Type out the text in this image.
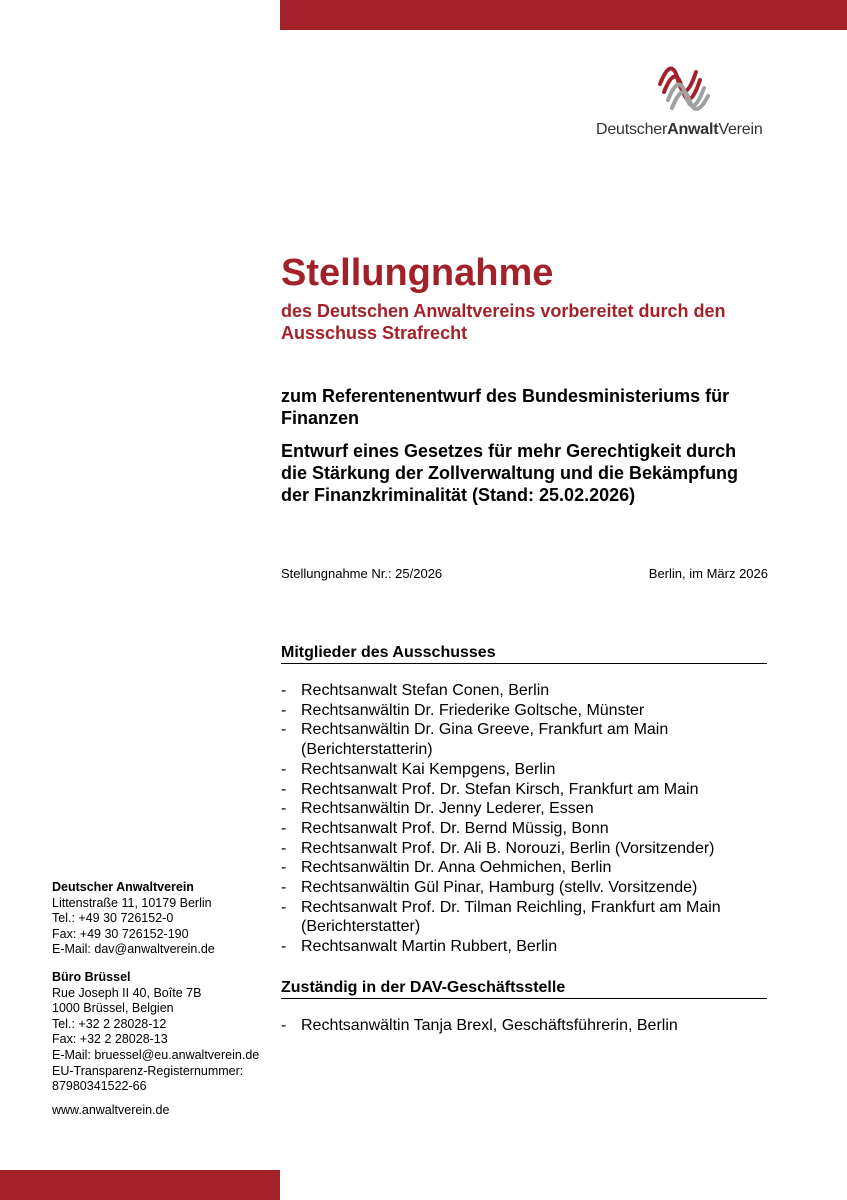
DeutscherAnwaltVerein
Stellungnahme

des Deutschen Anwaltvereins vorbereitet durch den Ausschuss Strafrecht

zum Referentenentwurf des Bundesministeriums für Finanzen

Entwurf eines Gesetzes für mehr Gerechtigkeit durch die Stärkung der Zollverwaltung und die Bekämpfung der Finanzkriminalität (Stand: 25.02.2026)

Stellungnahme Nr.: 25/2026	Berlin, im März 2026
Mitglieder des Ausschusses
- Rechtsanwalt Stefan Conen, Berlin
- Rechtsanwältin Dr. Friederike Goltsche, Münster
- Rechtsanwältin Dr. Gina Greeve, Frankfurt am Main (Berichterstatterin)
- Rechtsanwalt Kai Kempgens, Berlin
- Rechtsanwalt Prof. Dr. Stefan Kirsch, Frankfurt am Main
- Rechtsanwältin Dr. Jenny Lederer, Essen
- Rechtsanwalt Prof. Dr. Bernd Müssig, Bonn
- Rechtsanwalt Prof. Dr. Ali B. Norouzi, Berlin (Vorsitzender)
- Rechtsanwältin Dr. Anna Oehmichen, Berlin
- Rechtsanwältin Gül Pinar, Hamburg (stellv. Vorsitzende)
- Rechtsanwalt Prof. Dr. Tilman Reichling, Frankfurt am Main (Berichterstatter)
- Rechtsanwalt Martin Rubbert, Berlin
Zuständig in der DAV-Geschäftsstelle
- Rechtsanwältin Tanja Brexl, Geschäftsführerin, Berlin
Deutscher Anwaltverein
Littenstraße 11, 10179 Berlin
Tel.: +49 30 726152-0
Fax: +49 30 726152-190
E-Mail: dav@anwaltverein.de
Büro Brüssel
Rue Joseph II 40, Boîte 7B
1000 Brüssel, Belgien
Tel.: +32 2 28028-12
Fax: +32 2 28028-13
E-Mail: bruessel@eu.anwaltverein.de
EU-Transparenz-Registernummer:
87980341522-66
www.anwaltverein.de
